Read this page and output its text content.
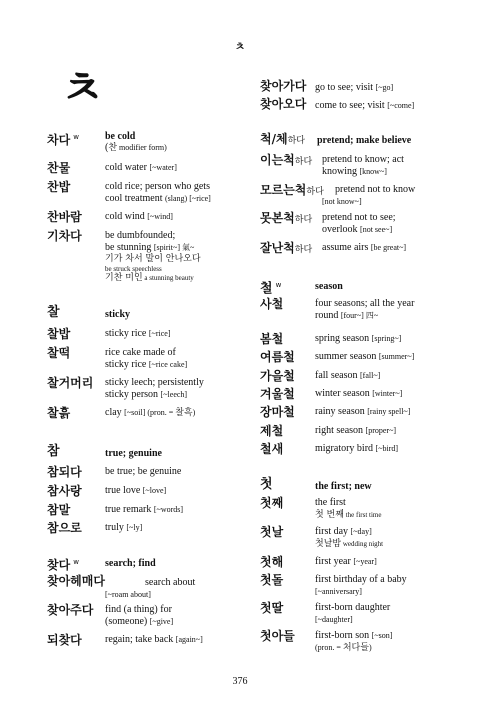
ㅊ
ㅊ
차다 $^w$	be cold
(찬 modifier form)
찬물	cold water [~water]
찬밥	cold rice; person who gets
cool treatment (slang) [~rice]
찬바람 cold wind [~wind]
기차다 be dumbfounded;
be stunning [spirit~] 氣~
기가 차서 말이 안나오다
be struck speechless
기찬 미인 a stunning beauty
찰	sticky
찰밥	sticky rice [~rice]
찰떡	rice cake made of
sticky rice [~rice cake]
찰거머리 sticky leech; persistently
sticky person [~leech]
찰흙	clay [~soil] (pron. = 찰흑)
참	true; genuine
참되다 be true; be genuine
참사랑 true love [~love]
참말	true remark [~words]
참으로 truly [~ly]
찾다 $^w$	search; find
찾아헤매다	search about
[~roam about]
찾아주다 find (a thing) for
(someone) [~give]
되찾다 regain; take back [again~]
찾아가다 go to see; visit [~go]
찾아오다 come to see; visit [~come]
척/체하다 pretend; make believe
이는척하다 pretend to know; act
knowing [know~]
모르는척하다 pretend not to know
[not know~]
못본척하다 pretend not to see;
overlook [not see~]
잘난척하다 assume airs [be great~]
철 $^w$	season
사철	four seasons; all the year
round [four~] 四~
봄철	spring season [spring~]
여름철 summer season [summer~]
가을철 fall season [fall~]
겨울철 winter season [winter~]
장마철 rainy season [rainy spell~]
제철	right season [proper~]
철새	migratory bird [~bird]
첫	the first; new
첫째	the first
첫 번째 the first time
첫날	first day [~day]
첫날밤 wedding night
첫해	first year [~year]
첫돌	first birthday of a baby
[~anniversary]
첫딸	first-born daughter
[~daughter]
첫아들 first-born son [~son]
(pron. = 처다들)
376
